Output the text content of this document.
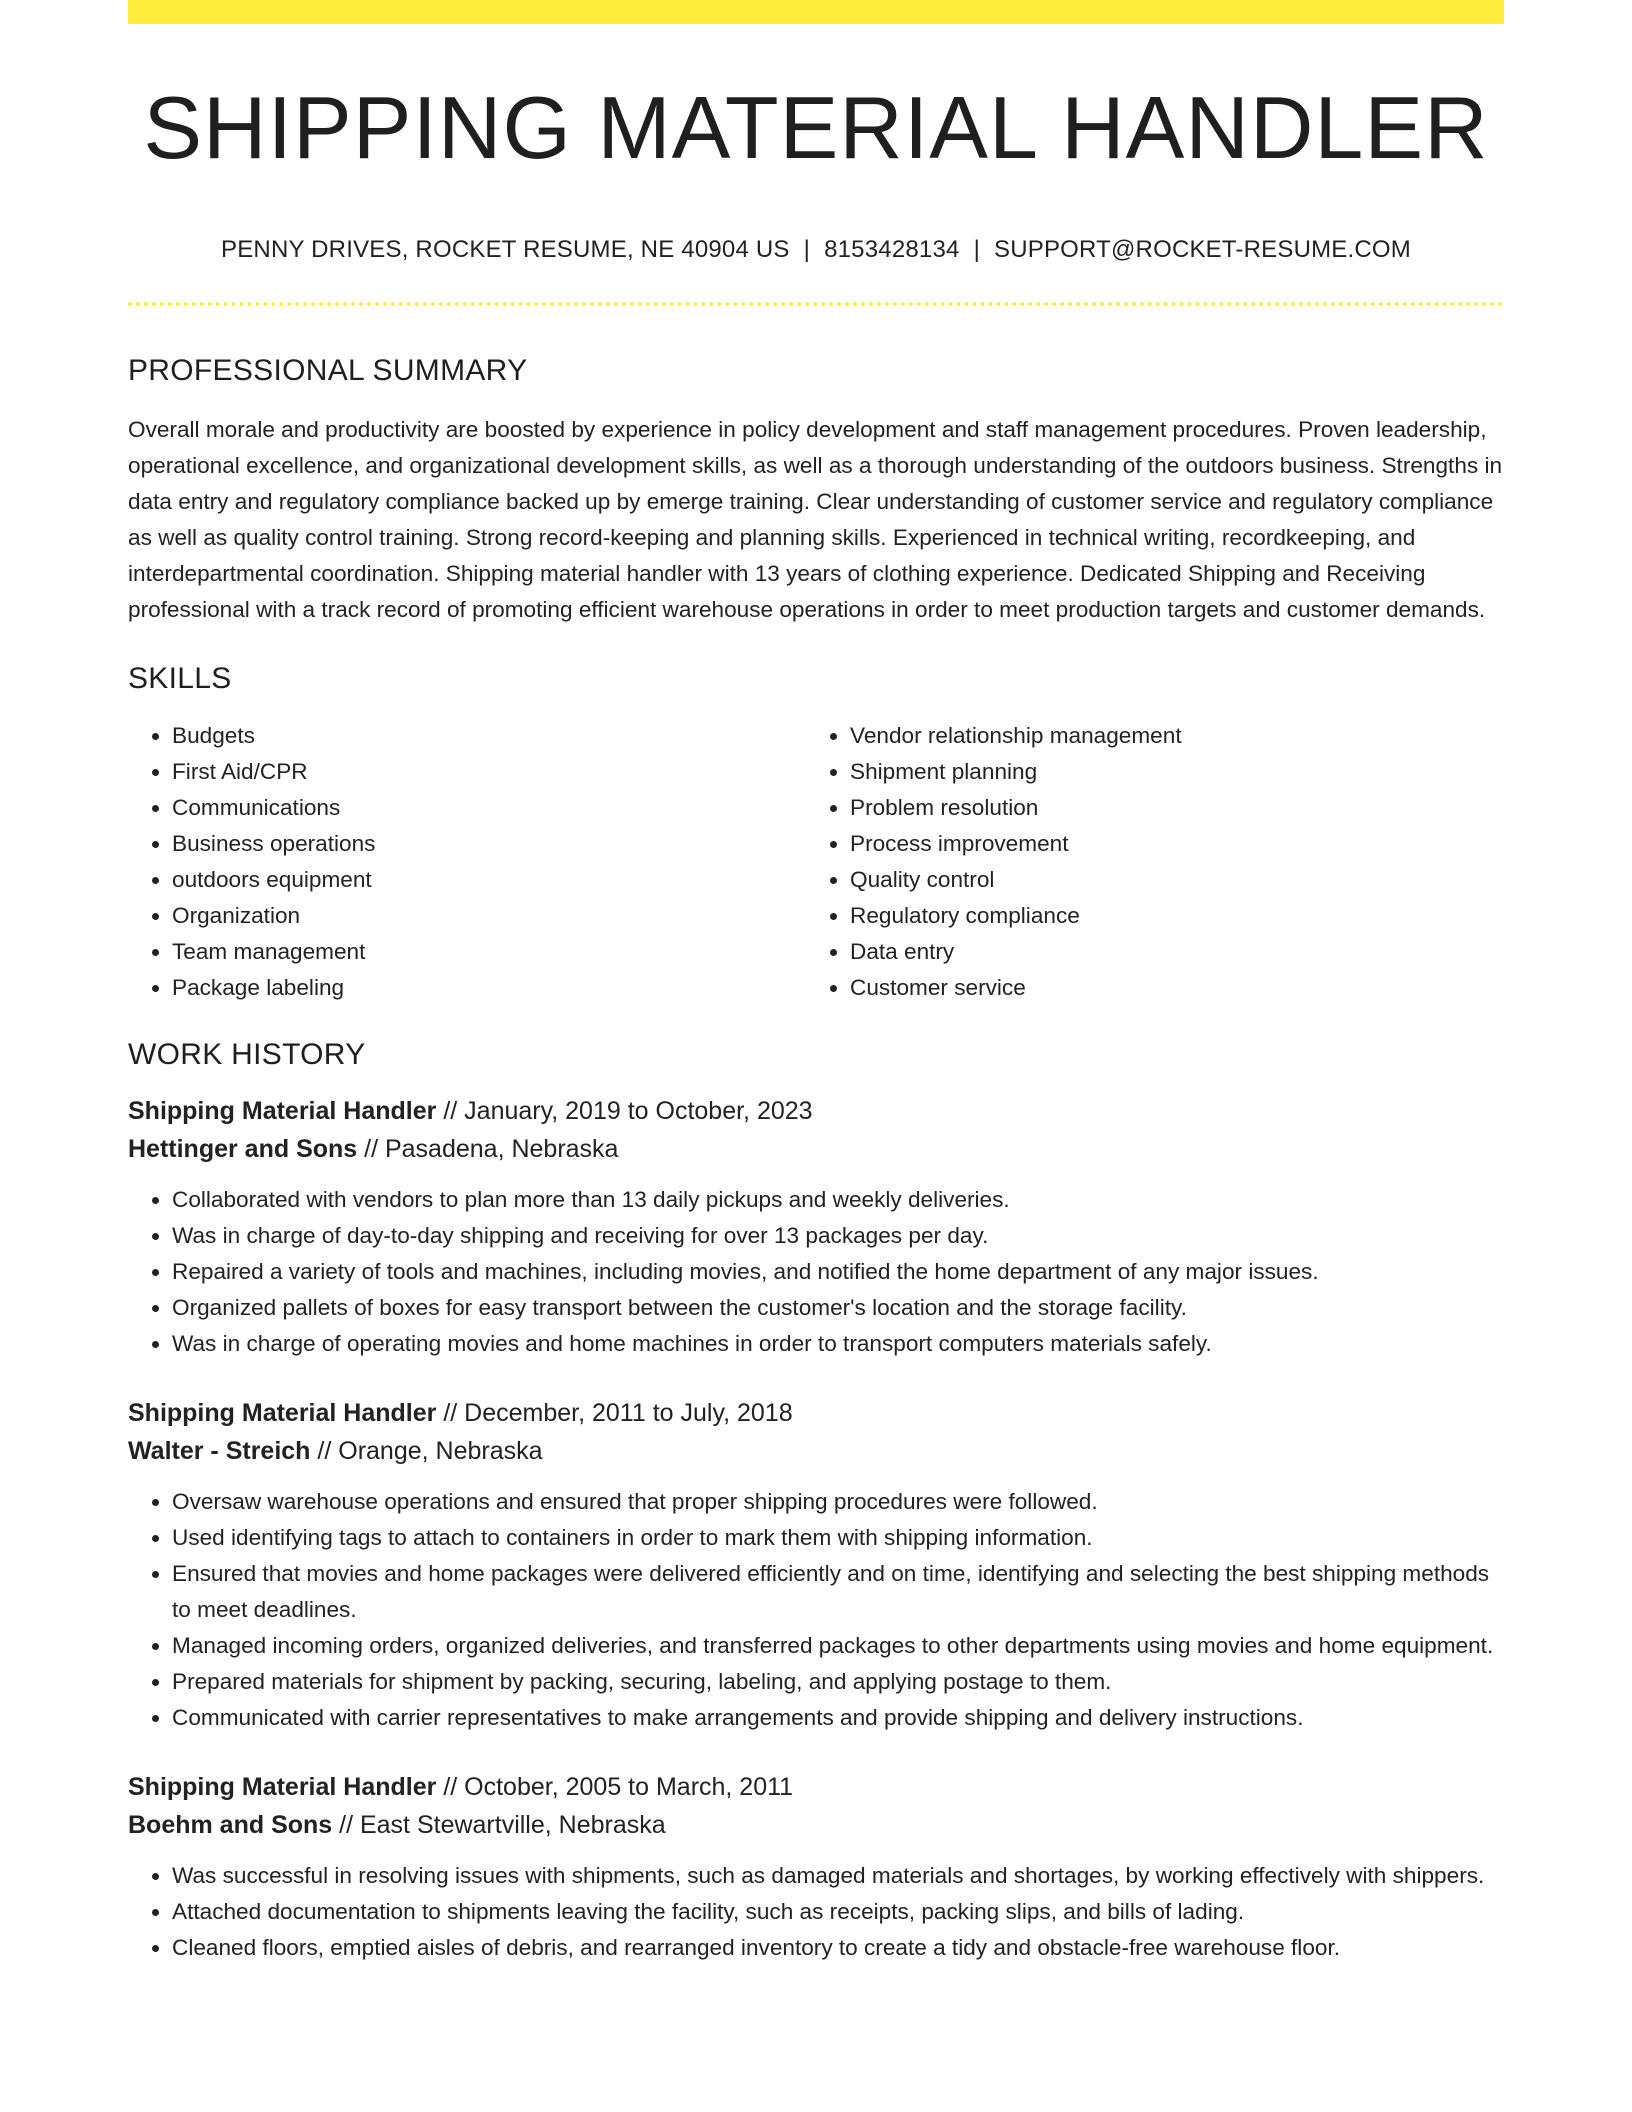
SHIPPING MATERIAL HANDLER
PENNY DRIVES, ROCKET RESUME, NE 40904 US | 8153428134 | SUPPORT@ROCKET-RESUME.COM
PROFESSIONAL SUMMARY

Overall morale and productivity are boosted by experience in policy development and staff management procedures. Proven leadership, operational excellence, and organizational development skills, as well as a thorough understanding of the outdoors business. Strengths in data entry and regulatory compliance backed up by emerge training. Clear understanding of customer service and regulatory compliance as well as quality control training. Strong record-keeping and planning skills. Experienced in technical writing, recordkeeping, and interdepartmental coordination. Shipping material handler with 13 years of clothing experience. Dedicated Shipping and Receiving professional with a track record of promoting efficient warehouse operations in order to meet production targets and customer demands.

SKILLS
• Budgets
• First Aid/CPR
• Communications
• Business operations
• outdoors equipment
• Organization
• Team management
• Package labeling
• Vendor relationship management
• Shipment planning
• Problem resolution
• Process improvement
• Quality control
• Regulatory compliance
• Data entry
• Customer service
WORK HISTORY
Shipping Material Handler // January, 2019 to October, 2023
Hettinger and Sons // Pasadena, Nebraska
• Collaborated with vendors to plan more than 13 daily pickups and weekly deliveries.
• Was in charge of day-to-day shipping and receiving for over 13 packages per day.
• Repaired a variety of tools and machines, including movies, and notified the home department of any major issues.
• Organized pallets of boxes for easy transport between the customer's location and the storage facility.
• Was in charge of operating movies and home machines in order to transport computers materials safely.
Shipping Material Handler // December, 2011 to July, 2018
Walter - Streich // Orange, Nebraska
• Oversaw warehouse operations and ensured that proper shipping procedures were followed.
• Used identifying tags to attach to containers in order to mark them with shipping information.
• Ensured that movies and home packages were delivered efficiently and on time, identifying and selecting the best shipping methods to meet deadlines.
• Managed incoming orders, organized deliveries, and transferred packages to other departments using movies and home equipment.
• Prepared materials for shipment by packing, securing, labeling, and applying postage to them.
• Communicated with carrier representatives to make arrangements and provide shipping and delivery instructions.
Shipping Material Handler // October, 2005 to March, 2011
Boehm and Sons // East Stewartville, Nebraska
• Was successful in resolving issues with shipments, such as damaged materials and shortages, by working effectively with shippers.
• Attached documentation to shipments leaving the facility, such as receipts, packing slips, and bills of lading.
• Cleaned floors, emptied aisles of debris, and rearranged inventory to create a tidy and obstacle-free warehouse floor.
